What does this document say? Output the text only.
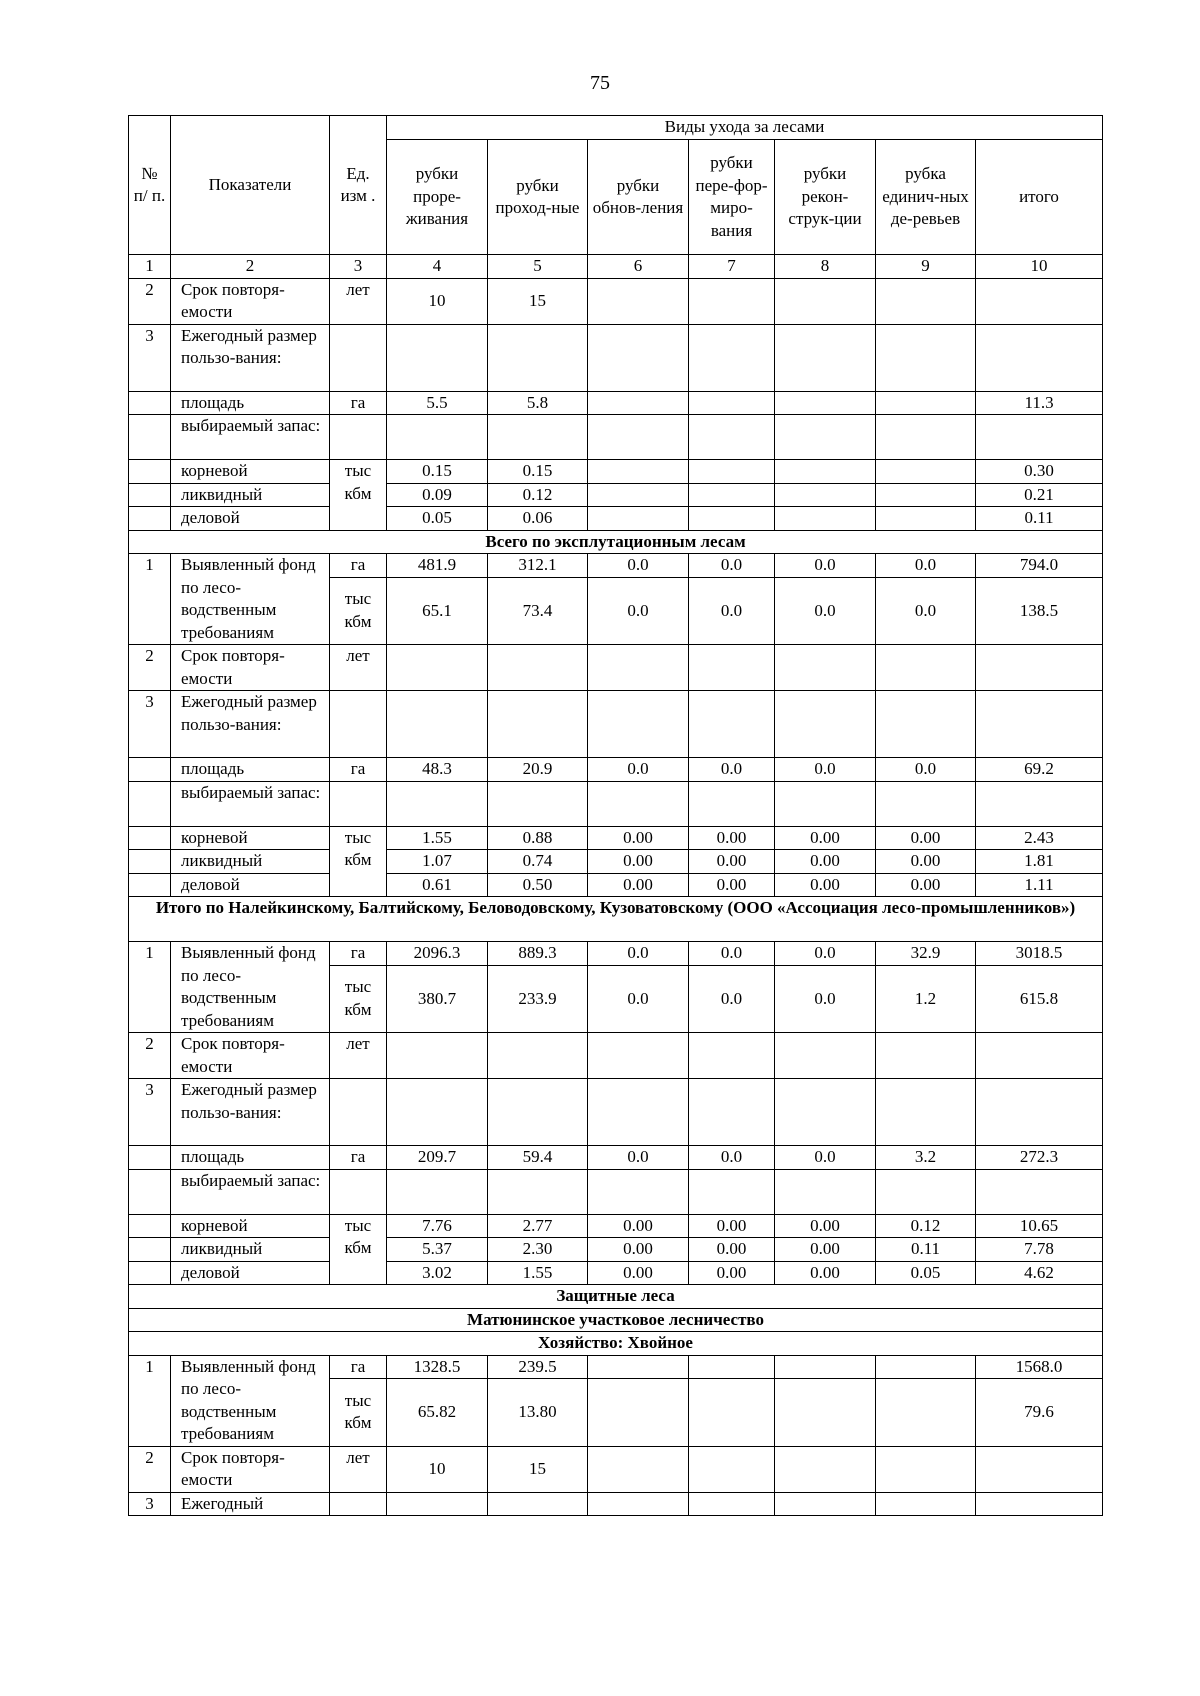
75
№ п/ п.	Показатели	Ед. изм .	Виды ухода за лесами						
			рубки проре-живания	рубки проход-ные	рубки обнов-ления	рубки пере-фор-миро-вания	рубки рекон-струк-ции	рубка единич-ных де-ревьев	итого
1	2	3	4	5	6	7	8	9	10
2	Срок повторя-емости	лет	10	15					
3	Ежегодный размер пользо-вания:								
	площадь	га	5.5	5.8					11.3
	выбираемый запас:								
	корневой	тыс кбм	0.15	0.15					0.30
	ликвидный		0.09	0.12					0.21
	деловой		0.05	0.06					0.11
Всего по эксплутационным лесам									
1	Выявленный фонд по лесо-водственным требованиям	га	481.9	312.1	0.0	0.0	0.0	0.0	794.0
		тыс кбм	65.1	73.4	0.0	0.0	0.0	0.0	138.5
2	Срок повторя-емости	лет							
3	Ежегодный размер пользо-вания:								
	площадь	га	48.3	20.9	0.0	0.0	0.0	0.0	69.2
	выбираемый запас:								
	корневой	тыс кбм	1.55	0.88	0.00	0.00	0.00	0.00	2.43
	ликвидный		1.07	0.74	0.00	0.00	0.00	0.00	1.81
	деловой		0.61	0.50	0.00	0.00	0.00	0.00	1.11
Итого по Налейкинскому, Балтийскому, Беловодовскому, Кузоватовскому (ООО «Ассоциация лесо-промышленников»)									
1	Выявленный фонд по лесо-водственным требованиям	га	2096.3	889.3	0.0	0.0	0.0	32.9	3018.5
		тыс кбм	380.7	233.9	0.0	0.0	0.0	1.2	615.8
2	Срок повторя-емости	лет							
3	Ежегодный размер пользо-вания:								
	площадь	га	209.7	59.4	0.0	0.0	0.0	3.2	272.3
	выбираемый запас:								
	корневой	тыс кбм	7.76	2.77	0.00	0.00	0.00	0.12	10.65
	ликвидный		5.37	2.30	0.00	0.00	0.00	0.11	7.78
	деловой		3.02	1.55	0.00	0.00	0.00	0.05	4.62
Защитные леса									
Матюнинское участковое лесничество									
Хозяйство: Хвойное									
1	Выявленный фонд по лесо-водственным требованиям	га	1328.5	239.5					1568.0
		тыс кбм	65.82	13.80					79.6
2	Срок повторя-емости	лет	10	15					
3	Ежегодный								
